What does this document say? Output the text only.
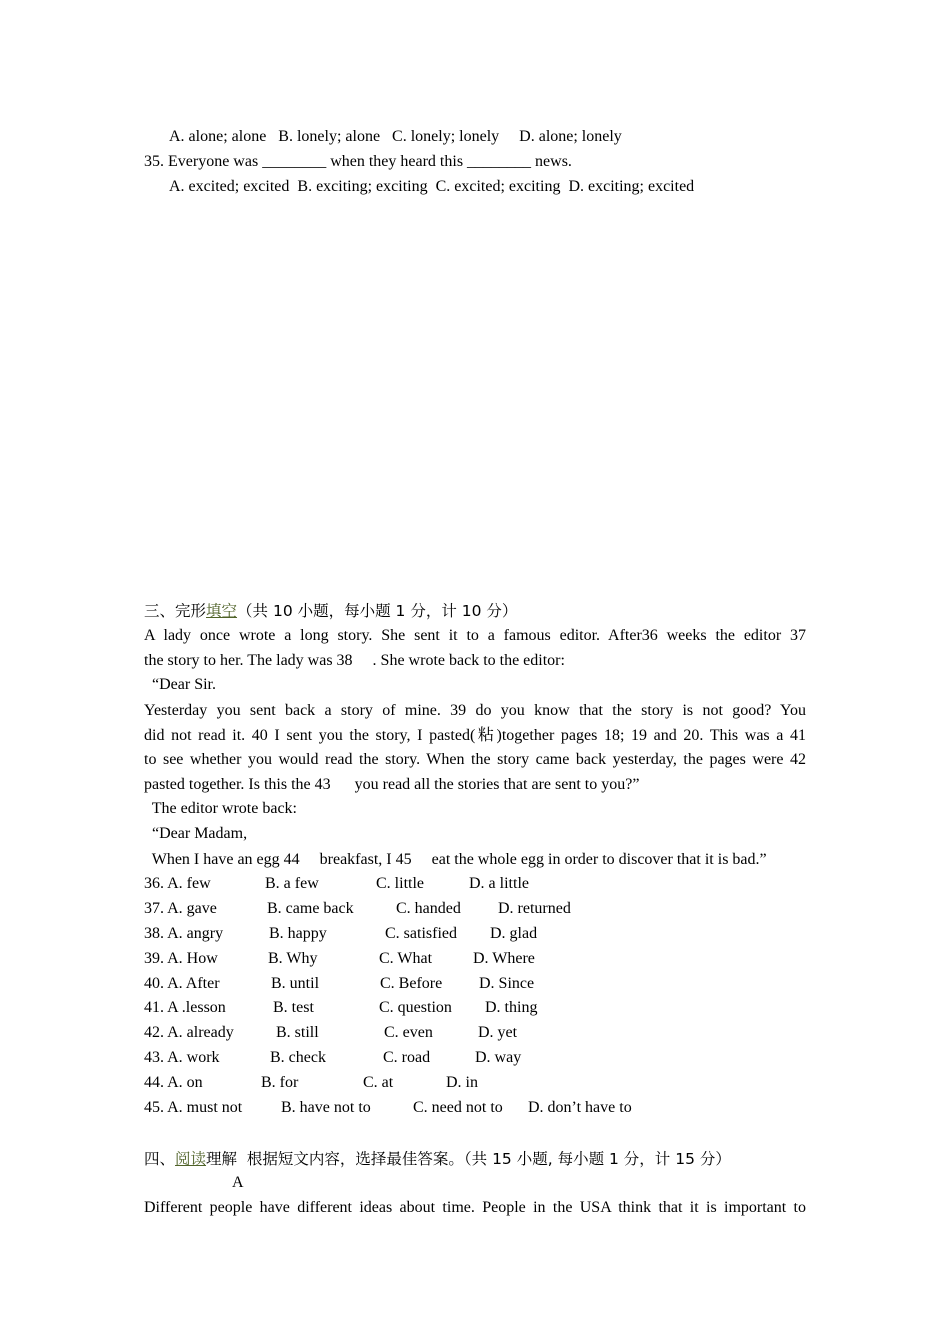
A. alone; alone   B. lonely; alone   C. lonely; lonely     D. alone; lonely
35. Everyone was ________ when they heard this ________ news.
A. excited; excited  B. exciting; exciting  C. excited; exciting  D. exciting; excited
三、完形填空（共 10 小题，每小题 1 分，计 10 分）
A lady once wrote a long story. She sent it to a famous editor. After36 weeks the editor 37
the story to her. The lady was 38     . She wrote back to the editor:
“Dear Sir.
Yesterday you sent back a story of mine. 39 do you know that the story is not good? You
did not read it. 40 I sent you the story, I pasted(粘)together pages 18; 19 and 20. This was a 41
to see whether you would read the story. When the story came back yesterday, the pages were 42
pasted together. Is this the 43      you read all the stories that are sent to you?”
The editor wrote back:
“Dear Madam,
When I have an egg 44     breakfast, I 45     eat the whole egg in order to discover that it is bad.”
36. A. few	B. a few	C. little	D. a little
37. A. gave	B. came back	C. handed D. returned
38. A. angry	B. happy	C. satisfied D. glad
39. A. How	B. Why	C. What	D. Where
40. A. After	B. until	C. Before D. Since
41. A .lesson	B. test	C. question D. thing
42. A. already	B. still	C. even	D. yet
43. A. work	B. check	C. road	D. way
44. A. on	B. for	C. at	D. in
45. A. must not B. have not to	C. need not to D. don’t have to
四、阅读理解  根据短文内容，选择最佳答案。（共 15 小题, 每小题 1 分，计 15 分）
A
Different people have different ideas about time. People in the USA think that it is important to
